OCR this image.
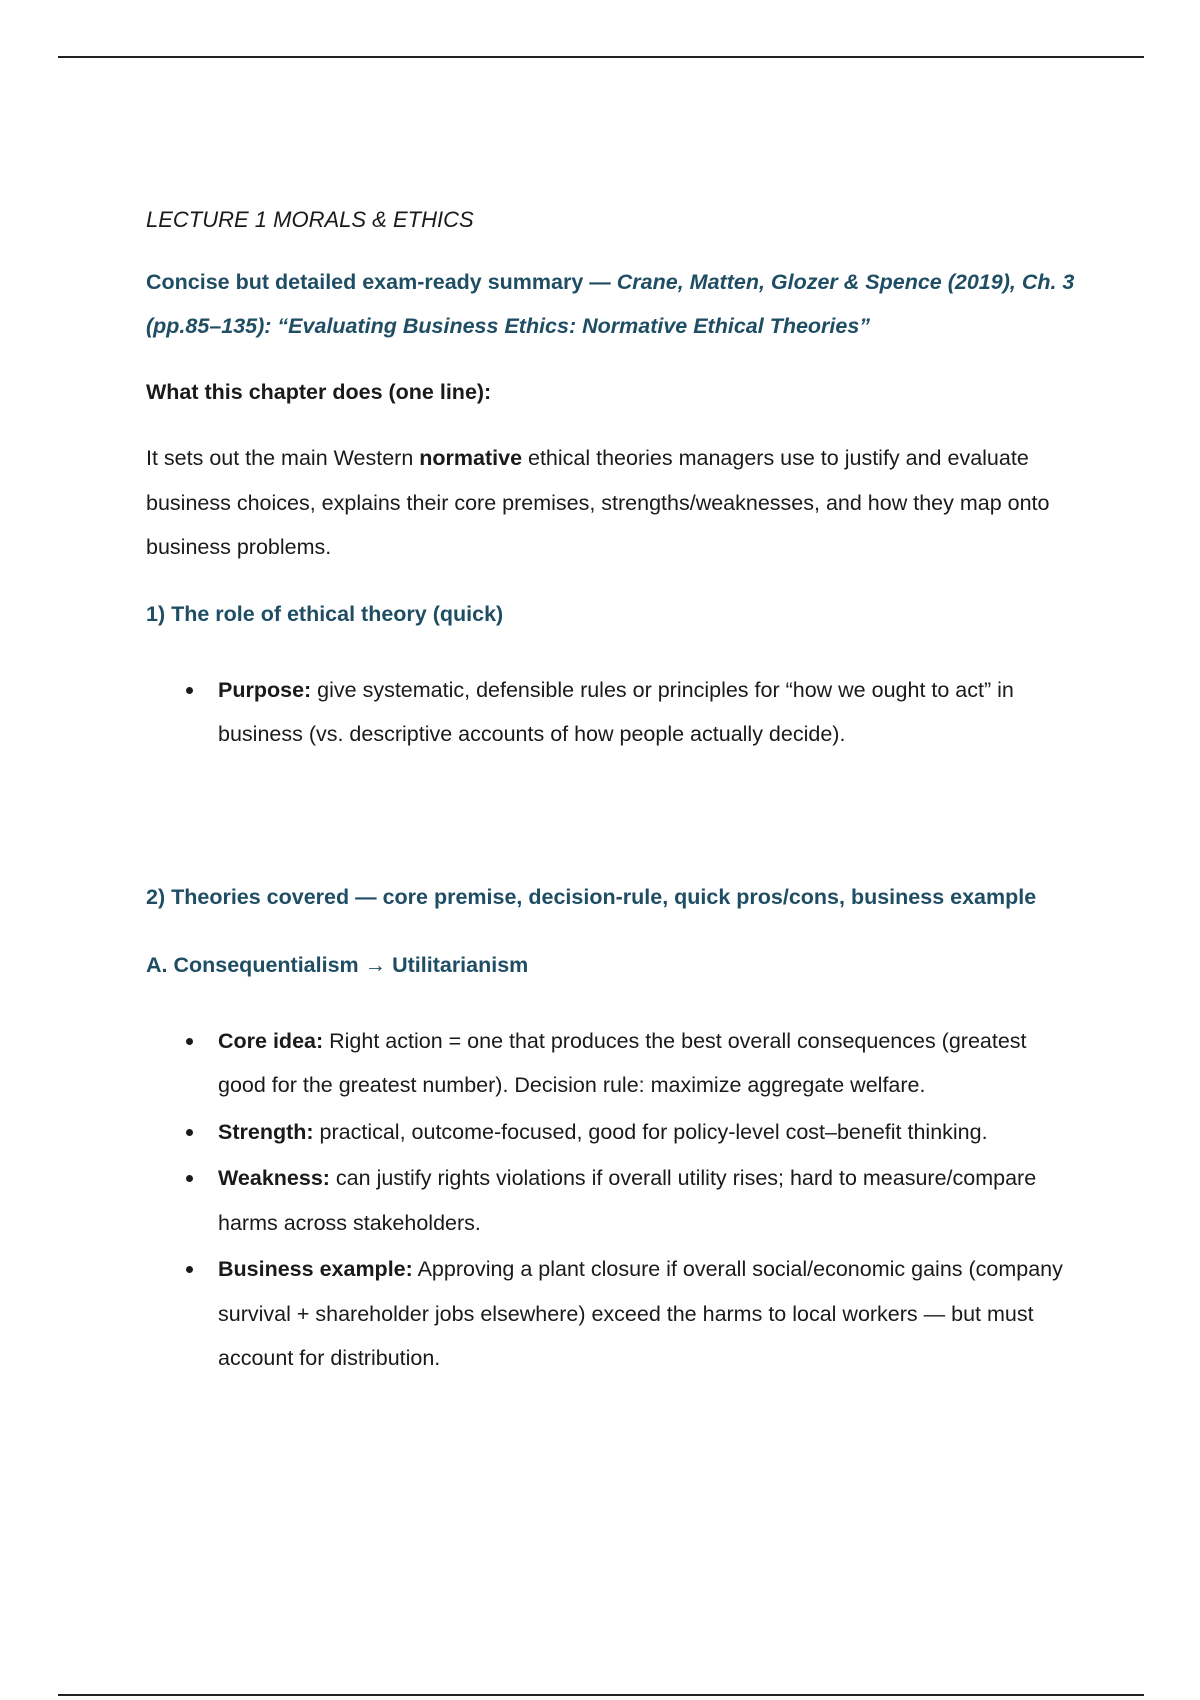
LECTURE 1 MORALS & ETHICS
Concise but detailed exam-ready summary — Crane, Matten, Glozer & Spence (2019), Ch. 3 (pp.85–135): “Evaluating Business Ethics: Normative Ethical Theories”
What this chapter does (one line):

It sets out the main Western normative ethical theories managers use to justify and evaluate business choices, explains their core premises, strengths/weaknesses, and how they map onto business problems.

1) The role of ethical theory (quick)
Purpose: give systematic, defensible rules or principles for “how we ought to act” in business (vs. descriptive accounts of how people actually decide).
2) Theories covered — core premise, decision-rule, quick pros/cons, business example
A. Consequentialism → Utilitarianism
Core idea: Right action = one that produces the best overall consequences (greatest good for the greatest number). Decision rule: maximize aggregate welfare.
Strength: practical, outcome-focused, good for policy-level cost–benefit thinking.
Weakness: can justify rights violations if overall utility rises; hard to measure/compare harms across stakeholders.
Business example: Approving a plant closure if overall social/economic gains (company survival + shareholder jobs elsewhere) exceed the harms to local workers — but must account for distribution.
